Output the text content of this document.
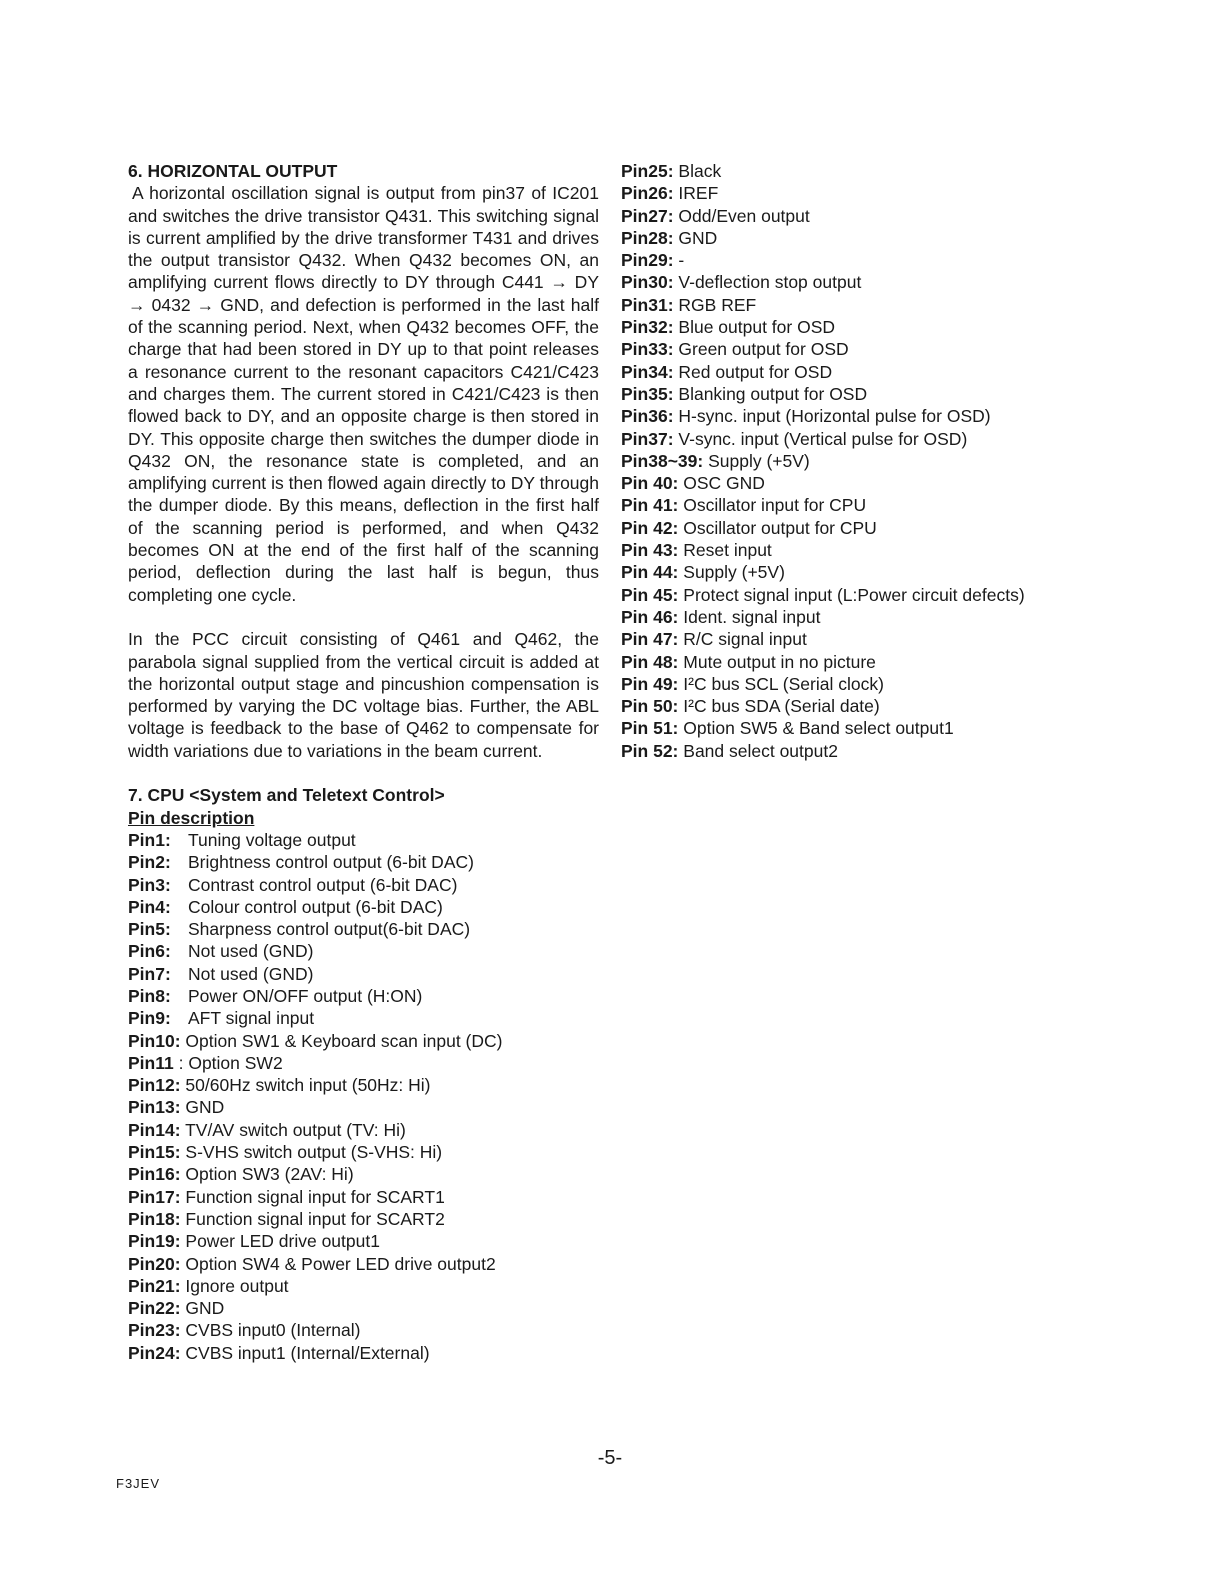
6. HORIZONTAL OUTPUT

A horizontal oscillation signal is output from pin37 of IC201 and switches the drive transistor Q431. This switching signal is current amplified by the drive transformer T431 and drives the output transistor Q432. When Q432 becomes ON, an amplifying current flows directly to DY through C441 → DY → 0432 → GND, and defection is performed in the last half of the scanning period. Next, when Q432 becomes OFF, the charge that had been stored in DY up to that point releases a resonance current to the resonant capacitors C421/C423 and charges them. The current stored in C421/C423 is then flowed back to DY, and an opposite charge is then stored in DY. This opposite charge then switches the dumper diode in Q432 ON, the resonance state is completed, and an amplifying current is then flowed again directly to DY through the dumper diode. By this means, deflection in the first half of the scanning period is performed, and when Q432 becomes ON at the end of the first half of the scanning period, deflection during the last half is begun, thus completing one cycle.

In the PCC circuit consisting of Q461 and Q462, the parabola signal supplied from the vertical circuit is added at the horizontal output stage and pincushion compensation is performed by varying the DC voltage bias. Further, the ABL voltage is feedback to the base of Q462 to compensate for width variations due to variations in the beam current.

7. CPU <System and Teletext Control>

Pin description

Pin1: Tuning voltage output
Pin2: Brightness control output (6-bit DAC)
Pin3: Contrast control output (6-bit DAC)
Pin4: Colour control output (6-bit DAC)
Pin5: Sharpness control output(6-bit DAC)
Pin6: Not used (GND)
Pin7: Not used (GND)
Pin8: Power ON/OFF output (H:ON)
Pin9: AFT signal input
Pin10: Option SW1 & Keyboard scan input (DC)
Pin11 : Option SW2
Pin12: 50/60Hz switch input (50Hz: Hi)
Pin13: GND
Pin14: TV/AV switch output (TV: Hi)
Pin15: S-VHS switch output (S-VHS: Hi)
Pin16: Option SW3 (2AV: Hi)
Pin17: Function signal input for SCART1
Pin18: Function signal input for SCART2
Pin19: Power LED drive output1
Pin20: Option SW4 & Power LED drive output2
Pin21: Ignore output
Pin22: GND
Pin23: CVBS input0 (Internal)
Pin24: CVBS input1 (Internal/External)
Pin25: Black
Pin26: IREF
Pin27: Odd/Even output
Pin28: GND
Pin29: -
Pin30: V-deflection stop output
Pin31: RGB REF
Pin32: Blue output for OSD
Pin33: Green output for OSD
Pin34: Red output for OSD
Pin35: Blanking output for OSD
Pin36: H-sync. input (Horizontal pulse for OSD)
Pin37: V-sync. input (Vertical pulse for OSD)
Pin38~39: Supply (+5V)
Pin 40: OSC GND
Pin 41: Oscillator input for CPU
Pin 42: Oscillator output for CPU
Pin 43: Reset input
Pin 44: Supply (+5V)
Pin 45: Protect signal input (L:Power circuit defects)
Pin 46: Ident. signal input
Pin 47: R/C signal input
Pin 48: Mute output in no picture
Pin 49: I²C bus SCL (Serial clock)
Pin 50: I²C bus SDA (Serial date)
Pin 51: Option SW5 & Band select output1
Pin 52: Band select output2
-5-
F3JEV
